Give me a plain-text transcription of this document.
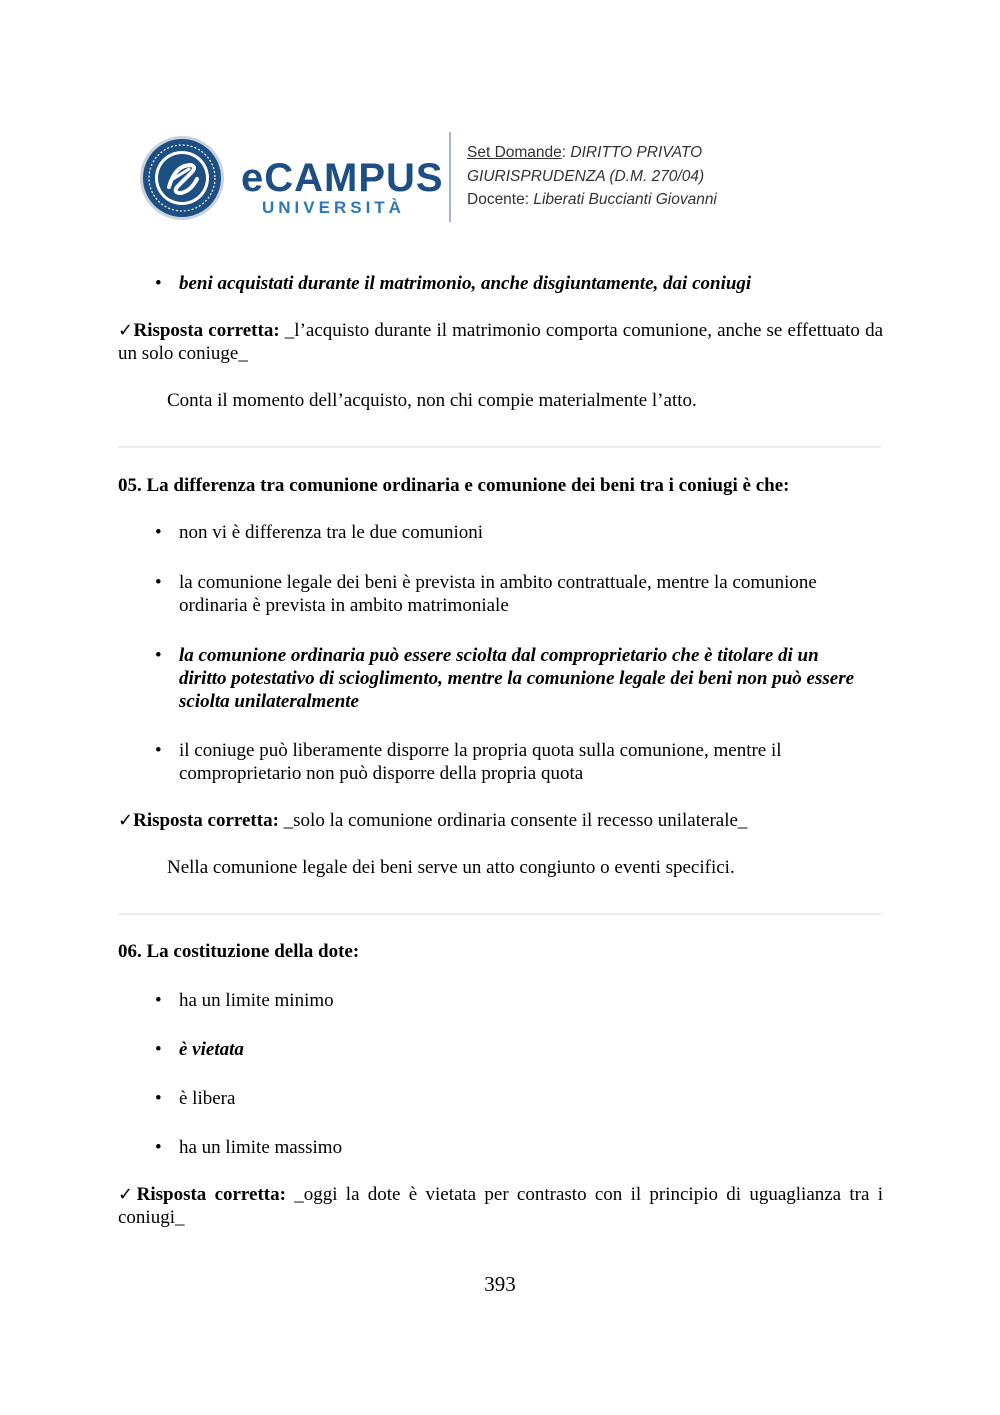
eCAMPUS
UNIVERSITÀ
Set Domande: DIRITTO PRIVATO
GIURISPRUDENZA (D.M. 270/04)
Docente: Liberati Buccianti Giovanni
• beni acquistati durante il matrimonio, anche disgiuntamente, dai coniugi
✓Risposta corretta: _l’acquisto durante il matrimonio comporta comunione, anche se effettuato da un solo coniuge_
Conta il momento dell’acquisto, non chi compie materialmente l’atto.
05. La differenza tra comunione ordinaria e comunione dei beni tra i coniugi è che:
• non vi è differenza tra le due comunioni
• la comunione legale dei beni è prevista in ambito contrattuale, mentre la comunione ordinaria è prevista in ambito matrimoniale
• la comunione ordinaria può essere sciolta dal comproprietario che è titolare di un diritto potestativo di scioglimento, mentre la comunione legale dei beni non può essere sciolta unilateralmente
• il coniuge può liberamente disporre la propria quota sulla comunione, mentre il comproprietario non può disporre della propria quota
✓Risposta corretta: _solo la comunione ordinaria consente il recesso unilaterale_
Nella comunione legale dei beni serve un atto congiunto o eventi specifici.
06. La costituzione della dote:
• ha un limite minimo
• è vietata
• è libera
• ha un limite massimo
✓Risposta corretta: _oggi la dote è vietata per contrasto con il principio di uguaglianza tra i coniugi_
393
